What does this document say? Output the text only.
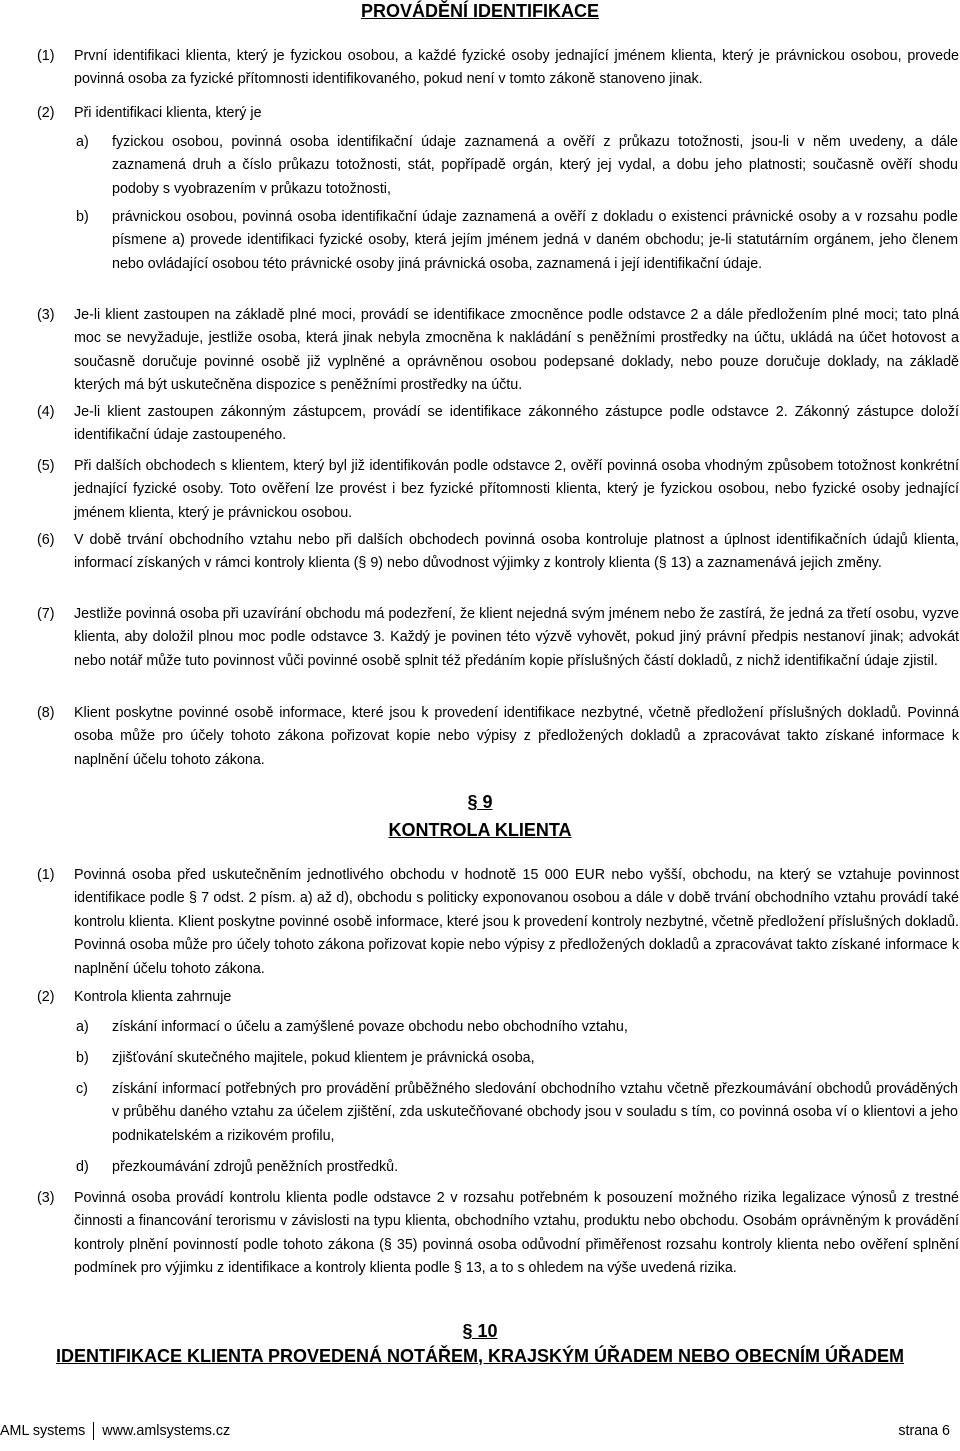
PROVÁDĚNÍ IDENTIFIKACE
(1)	První identifikaci klienta, který je fyzickou osobou, a každé fyzické osoby jednající jménem klienta, který je právnickou osobou, provede povinná osoba za fyzické přítomnosti identifikovaného, pokud není v tomto zákoně stanoveno jinak.
(2)	Při identifikaci klienta, který je
a)	fyzickou osobou, povinná osoba identifikační údaje zaznamená a ověří z průkazu totožnosti, jsou-li v něm uvedeny, a dále zaznamená druh a číslo průkazu totožnosti, stát, popřípadě orgán, který jej vydal, a dobu jeho platnosti; současně ověří shodu podoby s vyobrazením v průkazu totožnosti,
b)	právnickou osobou, povinná osoba identifikační údaje zaznamená a ověří z dokladu o existenci právnické osoby a v rozsahu podle písmene a) provede identifikaci fyzické osoby, která jejím jménem jedná v daném obchodu; je-li statutárním orgánem, jeho členem nebo ovládající osobou této právnické osoby jiná právnická osoba, zaznamená i její identifikační údaje.
(3)	Je-li klient zastoupen na základě plné moci, provádí se identifikace zmocněnce podle odstavce 2 a dále předložením plné moci; tato plná moc se nevyžaduje, jestliže osoba, která jinak nebyla zmocněna k nakládání s peněžními prostředky na účtu, ukládá na účet hotovost a současně doručuje povinné osobě již vyplněné a oprávněnou osobou podepsané doklady, nebo pouze doručuje doklady, na základě kterých má být uskutečněna dispozice s peněžními prostředky na účtu.
(4)	Je-li klient zastoupen zákonným zástupcem, provádí se identifikace zákonného zástupce podle odstavce 2. Zákonný zástupce doloží identifikační údaje zastoupeného.
(5)	Při dalších obchodech s klientem, který byl již identifikován podle odstavce 2, ověří povinná osoba vhodným způsobem totožnost konkrétní jednající fyzické osoby. Toto ověření lze provést i bez fyzické přítomnosti klienta, který je fyzickou osobou, nebo fyzické osoby jednající jménem klienta, který je právnickou osobou.
(6)	V době trvání obchodního vztahu nebo při dalších obchodech povinná osoba kontroluje platnost a úplnost identifikačních údajů klienta, informací získaných v rámci kontroly klienta (§ 9) nebo důvodnost výjimky z kontroly klienta (§ 13) a zaznamenává jejich změny.
(7)	Jestliže povinná osoba při uzavírání obchodu má podezření, že klient nejedná svým jménem nebo že zastírá, že jedná za třetí osobu, vyzve klienta, aby doložil plnou moc podle odstavce 3. Každý je povinen této výzvě vyhovět, pokud jiný právní předpis nestanoví jinak; advokát nebo notář může tuto povinnost vůči povinné osobě splnit též předáním kopie příslušných částí dokladů, z nichž identifikační údaje zjistil.
(8)	Klient poskytne povinné osobě informace, které jsou k provedení identifikace nezbytné, včetně předložení příslušných dokladů. Povinná osoba může pro účely tohoto zákona pořizovat kopie nebo výpisy z předložených dokladů a zpracovávat takto získané informace k naplnění účelu tohoto zákona.
§ 9
KONTROLA KLIENTA
(1)	Povinná osoba před uskutečněním jednotlivého obchodu v hodnotě 15 000 EUR nebo vyšší, obchodu, na který se vztahuje povinnost identifikace podle § 7 odst. 2 písm. a) až d), obchodu s politicky exponovanou osobou a dále v době trvání obchodního vztahu provádí také kontrolu klienta. Klient poskytne povinné osobě informace, které jsou k provedení kontroly nezbytné, včetně předložení příslušných dokladů. Povinná osoba může pro účely tohoto zákona pořizovat kopie nebo výpisy z předložených dokladů a zpracovávat takto získané informace k naplnění účelu tohoto zákona.
(2)	Kontrola klienta zahrnuje
a)	získání informací o účelu a zamýšlené povaze obchodu nebo obchodního vztahu,
b)	zjišťování skutečného majitele, pokud klientem je právnická osoba,
c)	získání informací potřebných pro provádění průběžného sledování obchodního vztahu včetně přezkoumávání obchodů prováděných v průběhu daného vztahu za účelem zjištění, zda uskutečňované obchody jsou v souladu s tím, co povinná osoba ví o klientovi a jeho podnikatelském a rizikovém profilu,
d)	přezkoumávání zdrojů peněžních prostředků.
(3)	Povinná osoba provádí kontrolu klienta podle odstavce 2 v rozsahu potřebném k posouzení možného rizika legalizace výnosů z trestné činnosti a financování terorismu v závislosti na typu klienta, obchodního vztahu, produktu nebo obchodu. Osobám oprávněným k provádění kontroly plnění povinností podle tohoto zákona (§ 35) povinná osoba odůvodní přiměřenost rozsahu kontroly klienta nebo ověření splnění podmínek pro výjimku z identifikace a kontroly klienta podle § 13, a to s ohledem na výše uvedená rizika.
§ 10
IDENTIFIKACE KLIENTA PROVEDENÁ NOTÁŘEM, KRAJSKÝM ÚŘADEM NEBO OBECNÍM ÚŘADEM
AML systems www.amlsystems.cz	strana 6
